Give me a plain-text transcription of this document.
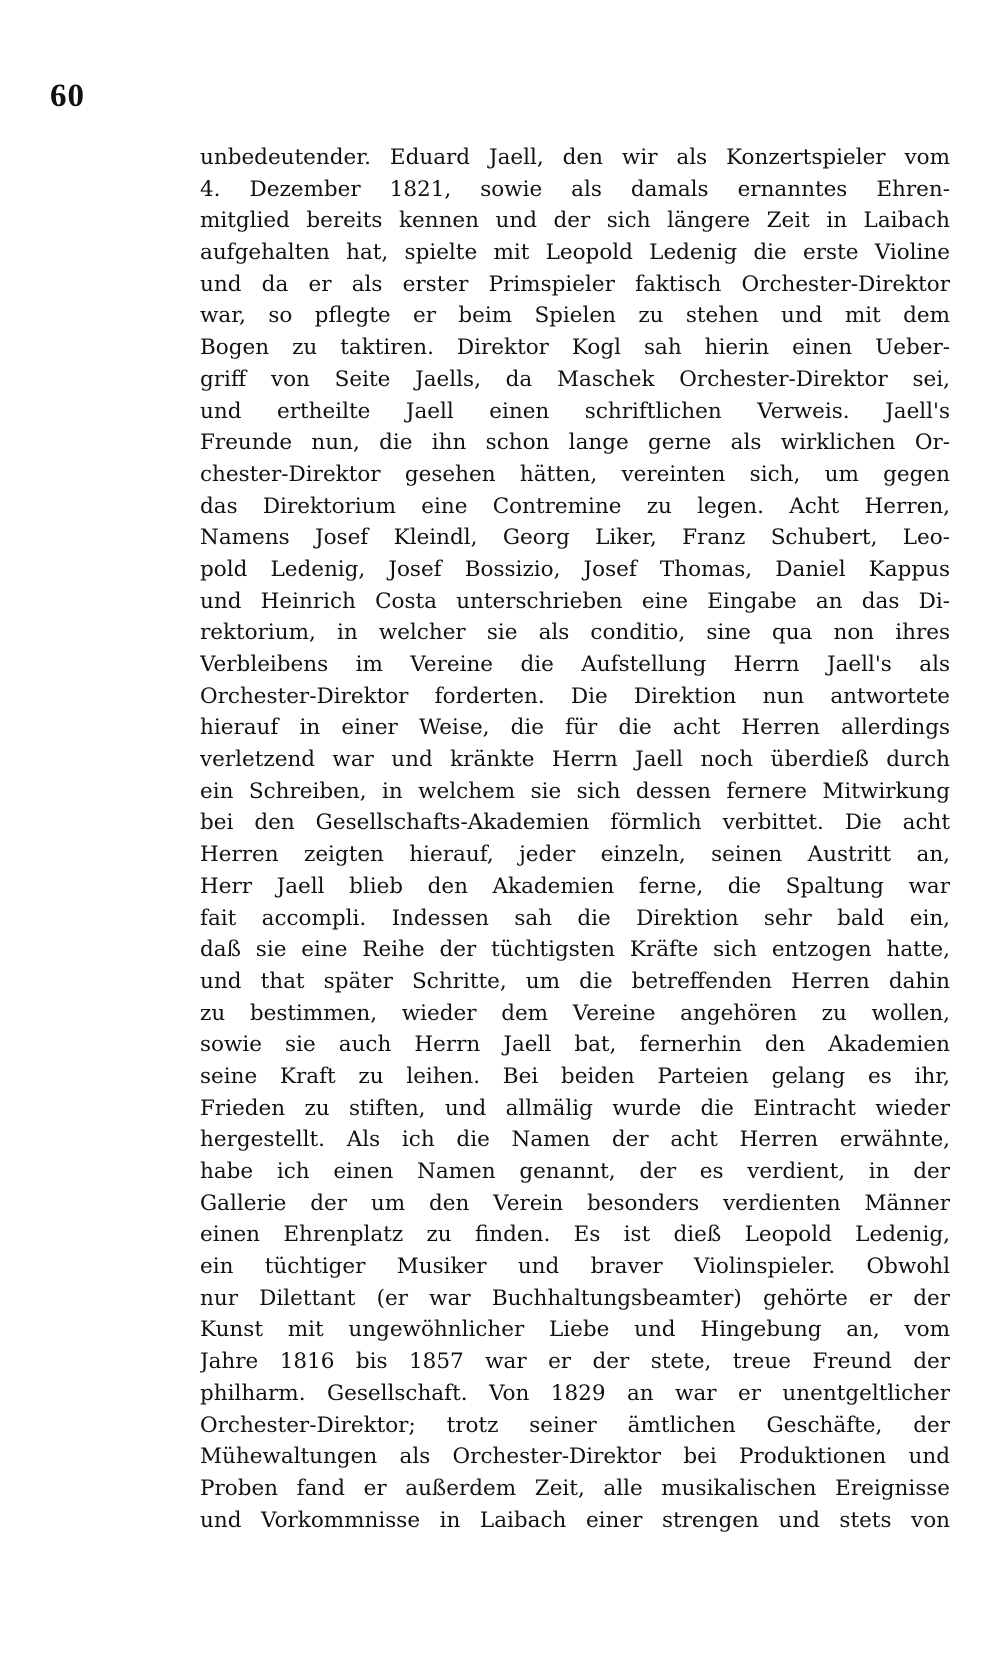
60
unbedeutender. Eduard Jaell, den wir als Konzertspieler vom
4. Dezember 1821, sowie als damals ernanntes Ehren-
mitglied bereits kennen und der sich längere Zeit in Laibach
aufgehalten hat, spielte mit Leopold Ledenig die erste Violine
und da er als erster Primspieler faktisch Orchester-Direktor
war, so pflegte er beim Spielen zu stehen und mit dem
Bogen zu taktiren. Direktor Kogl sah hierin einen Ueber-
griff von Seite Jaells, da Maschek Orchester-Direktor sei,
und ertheilte Jaell einen schriftlichen Verweis. Jaell's
Freunde nun, die ihn schon lange gerne als wirklichen Or-
chester-Direktor gesehen hätten, vereinten sich, um gegen
das Direktorium eine Contremine zu legen. Acht Herren,
Namens Josef Kleindl, Georg Liker, Franz Schubert, Leo-
pold Ledenig, Josef Bossizio, Josef Thomas, Daniel Kappus
und Heinrich Costa unterschrieben eine Eingabe an das Di-
rektorium, in welcher sie als conditio, sine qua non ihres
Verbleibens im Vereine die Aufstellung Herrn Jaell's als
Orchester-Direktor forderten. Die Direktion nun antwortete
hierauf in einer Weise, die für die acht Herren allerdings
verletzend war und kränkte Herrn Jaell noch überdieß durch
ein Schreiben, in welchem sie sich dessen fernere Mitwirkung
bei den Gesellschafts-Akademien förmlich verbittet. Die acht
Herren zeigten hierauf, jeder einzeln, seinen Austritt an,
Herr Jaell blieb den Akademien ferne, die Spaltung war
fait accompli. Indessen sah die Direktion sehr bald ein,
daß sie eine Reihe der tüchtigsten Kräfte sich entzogen hatte,
und that später Schritte, um die betreffenden Herren dahin
zu bestimmen, wieder dem Vereine angehören zu wollen,
sowie sie auch Herrn Jaell bat, fernerhin den Akademien
seine Kraft zu leihen. Bei beiden Parteien gelang es ihr,
Frieden zu stiften, und allmälig wurde die Eintracht wieder
hergestellt. Als ich die Namen der acht Herren erwähnte,
habe ich einen Namen genannt, der es verdient, in der
Gallerie der um den Verein besonders verdienten Männer
einen Ehrenplatz zu finden. Es ist dieß Leopold Ledenig,
ein tüchtiger Musiker und braver Violinspieler. Obwohl
nur Dilettant (er war Buchhaltungsbeamter) gehörte er der
Kunst mit ungewöhnlicher Liebe und Hingebung an, vom
Jahre 1816 bis 1857 war er der stete, treue Freund der
philharm. Gesellschaft. Von 1829 an war er unentgeltlicher
Orchester-Direktor; trotz seiner ämtlichen Geschäfte, der
Mühewaltungen als Orchester-Direktor bei Produktionen und
Proben fand er außerdem Zeit, alle musikalischen Ereignisse
und Vorkommnisse in Laibach einer strengen und stets von
